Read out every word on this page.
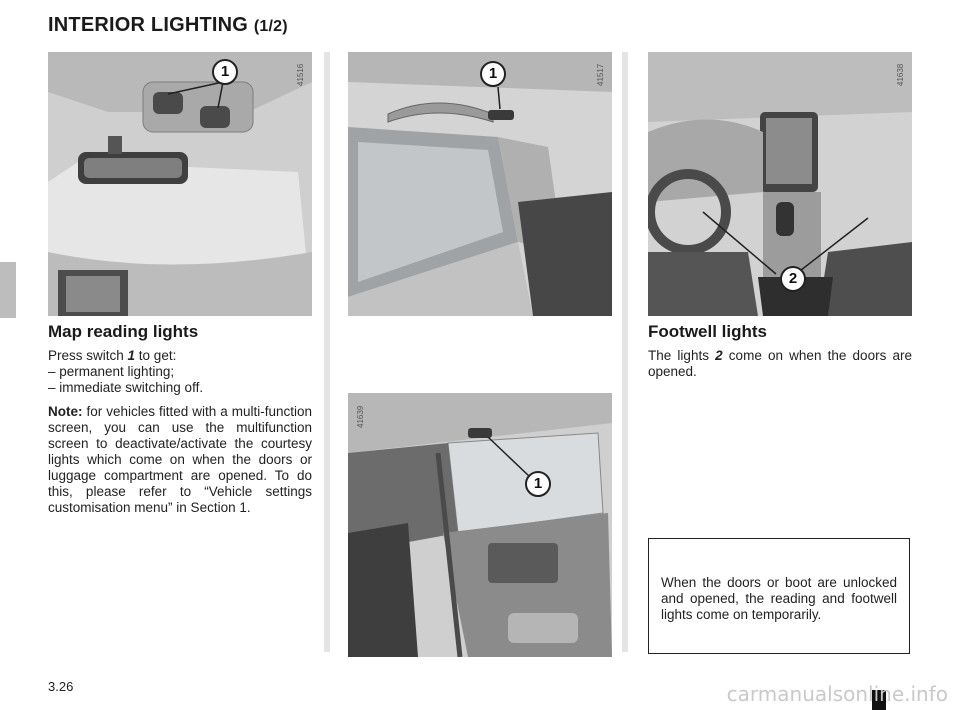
INTERIOR LIGHTING (1/2)
1	41516	1	41517
1
41639
2
41638
Map reading lights

Press switch 1 to get:
– permanent lighting;
– immediate switching off.

Note: for vehicles fitted with a multi-function screen, you can use the multifunction screen to deactivate/activate the courtesy lights which come on when the doors or luggage compartment are opened. To do this, please refer to “Vehicle settings customisation menu” in Section 1.

Footwell lights
The lights 2 come on when the doors are opened.
When the doors or boot are unlocked and opened, the reading and footwell lights come on temporarily.
3.26	carmanualsonline.info
